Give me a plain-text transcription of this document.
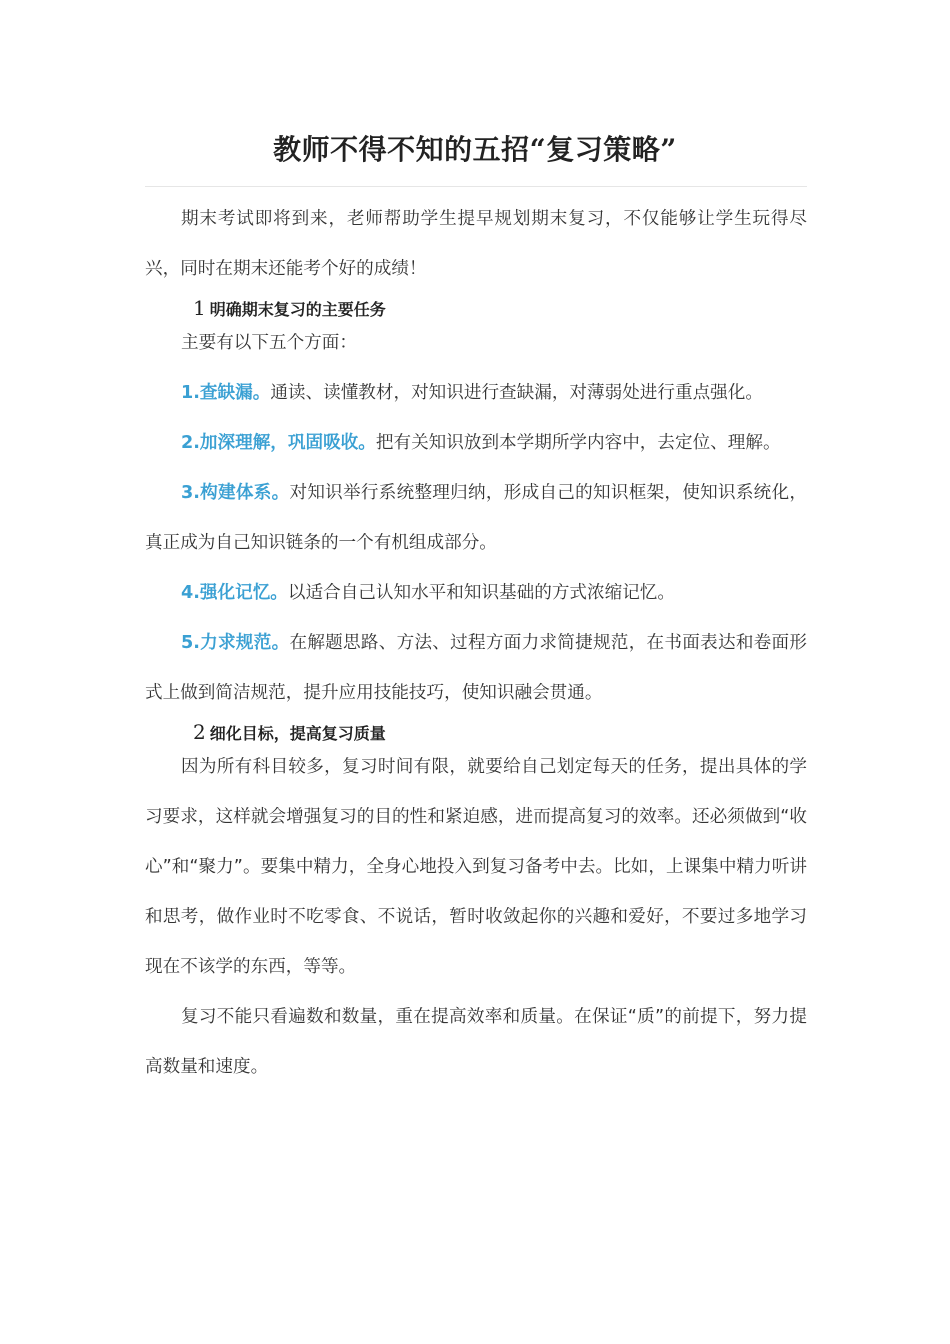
教师不得不知的五招“复习策略”
期末考试即将到来，老师帮助学生提早规划期末复习，不仅能够让学生玩得尽兴，同时在期末还能考个好的成绩！
1 明确期末复习的主要任务
主要有以下五个方面：
1.查缺漏。通读、读懂教材，对知识进行查缺漏，对薄弱处进行重点强化。
2.加深理解，巩固吸收。把有关知识放到本学期所学内容中，去定位、理解。
3.构建体系。对知识举行系统整理归纳，形成自己的知识框架，使知识系统化，真正成为自己知识链条的一个有机组成部分。
4.强化记忆。以适合自己认知水平和知识基础的方式浓缩记忆。
5.力求规范。在解题思路、方法、过程方面力求简捷规范，在书面表达和卷面形式上做到简洁规范，提升应用技能技巧，使知识融会贯通。
2 细化目标，提高复习质量
因为所有科目较多，复习时间有限，就要给自己划定每天的任务，提出具体的学习要求，这样就会增强复习的目的性和紧迫感，进而提高复习的效率。还必须做到“收心”和“聚力”。要集中精力，全身心地投入到复习备考中去。比如，上课集中精力听讲和思考，做作业时不吃零食、不说话，暂时收敛起你的兴趣和爱好，不要过多地学习现在不该学的东西，等等。
复习不能只看遍数和数量，重在提高效率和质量。在保证“质”的前提下，努力提高数量和速度。
